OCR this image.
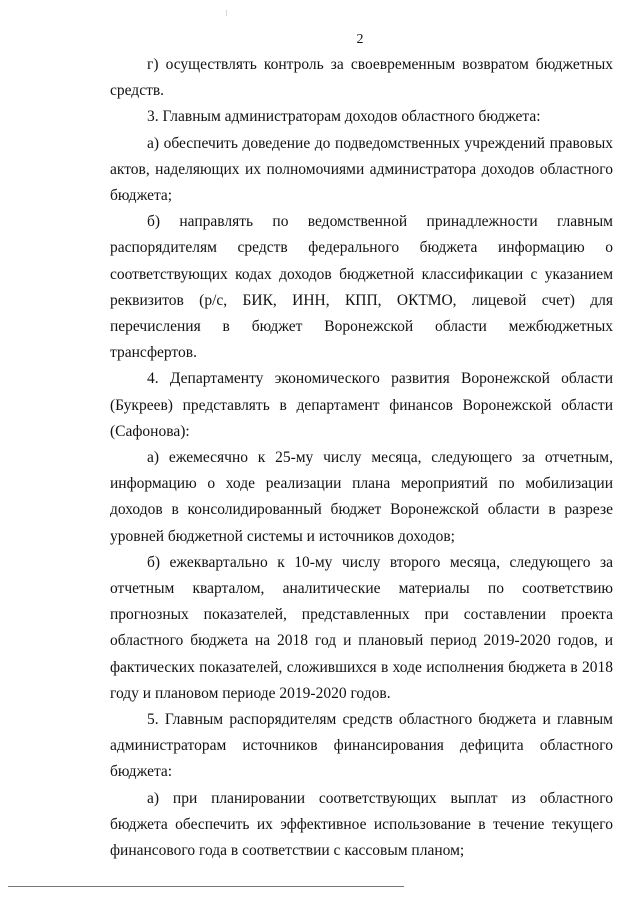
2

г) осуществлять контроль за своевременным возвратом бюджетных средств.

3. Главным администраторам доходов областного бюджета:

а) обеспечить доведение до подведомственных учреждений правовых актов, наделяющих их полномочиями администратора доходов областного бюджета;

б) направлять по ведомственной принадлежности главным распорядителям средств федерального бюджета информацию о соответствующих кодах доходов бюджетной классификации с указанием реквизитов (р/с, БИК, ИНН, КПП, ОКТМО, лицевой счет) для перечисления в бюджет Воронежской области межбюджетных трансфертов.

4. Департаменту экономического развития Воронежской области (Букреев) представлять в департамент финансов Воронежской области (Сафонова):

а) ежемесячно к 25-му числу месяца, следующего за отчетным, информацию о ходе реализации плана мероприятий по мобилизации доходов в консолидированный бюджет Воронежской области в разрезе уровней бюджетной системы и источников доходов;

б) ежеквартально к 10-му числу второго месяца, следующего за отчетным кварталом, аналитические материалы по соответствию прогнозных показателей, представленных при составлении проекта областного бюджета на 2018 год и плановый период 2019-2020 годов, и фактических показателей, сложившихся в ходе исполнения бюджета в 2018 году и плановом периоде 2019-2020 годов.

5. Главным распорядителям средств областного бюджета и главным администраторам источников финансирования дефицита областного бюджета:

а) при планировании соответствующих выплат из областного бюджета обеспечить их эффективное использование в течение текущего финансового года в соответствии с кассовым планом;
